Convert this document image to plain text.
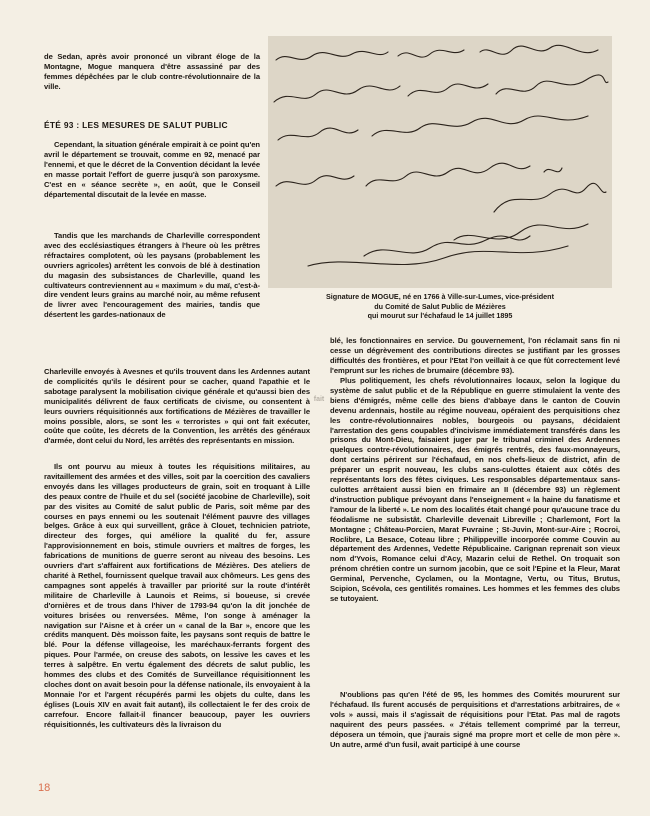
de Sedan, après avoir prononcé un vibrant éloge de la Montagne, Mogue manquera d'être assassiné par des femmes dépêchées par le club contre-révolutionnaire de la ville.

ÉTÉ 93 : LES MESURES DE SALUT PUBLIC

Cependant, la situation générale empirait à ce point qu'en avril le département se trouvait, comme en 92, menacé par l'ennemi, et que le décret de la Convention décidant la levée en masse portait l'effort de guerre jusqu'à son paroxysme. C'est en « séance secrète », en août, que le Conseil départemental discutait de la levée en masse.

Tandis que les marchands de Charleville correspondent avec des ecclésiastiques étrangers à l'heure où les prêtres réfractaires complotent, où les paysans (probablement les ouvriers agricoles) arrêtent les convois de blé à destination du magasin des subsistances de Charleville, quand les cultivateurs contreviennent au « maximum » du maï, c'est-à-dire vendent leurs grains au marché noir, au même refusent de livrer avec l'encouragement des mairies, tandis que désertent les gardes-nationaux de

Signature de MOGUE, né en 1766 à Ville-sur-Lumes, vice-président
du Comité de Salut Public de Mézières
qui mourut sur l'échafaud le 14 juillet 1895

Charleville envoyés à Avesnes et qu'ils trouvent dans les Ardennes autant de complicités qu'ils le désirent pour se cacher, quand l'apathie et le sabotage paralysent la mobilisation civique générale et qu'aussi bien des municipalités délivrent de faux certificats de civisme, ou consentent à leurs ouvriers réquisitionnés aux fortifications de Mézières de travailler le moins possible, alors, se sont les « terroristes » qui ont fait exécuter, coûte que coûte, les décrets de la Convention, les arrêtés des généraux d'armée, dont celui du Nord, les arrêtés des représentants en mission.

fait

Ils ont pourvu au mieux à toutes les réquisitions militaires, au ravitaillement des armées et des villes, soit par la coercition des cavaliers envoyés dans les villages producteurs de grain, soit en troquant à Lille des peaux contre de l'huile et du sel (société jacobine de Charleville), soit par des visites au Comité de salut public de Paris, soit même par des courses en pays ennemi ou les soutenait l'élément pauvre des villages belges. Grâce à eux qui surveillent, grâce à Clouet, technicien patriote, directeur des forges, qui améliore la qualité du fer, assure l'approvisionnement en bois, stimule ouvriers et maîtres de forges, les fabrications de munitions de guerre seront au niveau des besoins. Les ouvriers d'art s'affairent aux fortifications de Mézières. Des ateliers de charité à Rethel, fournissent quelque travail aux chômeurs. Les gens des campagnes sont appelés à travailler par priorité sur la route d'intérêt militaire de Charleville à Launois et Reims, si boueuse, si crevée d'ornières et de trous dans l'hiver de 1793-94 qu'on la dit jonchée de voitures brisées ou renversées. Même, l'on songe à aménager la navigation sur l'Aisne et à créer un « canal de la Bar », encore que les crédits manquent. Dès moisson faite, les paysans sont requis de battre le blé. Pour la défense villageoise, les maréchaux-ferrants forgent des piques. Pour l'armée, on creuse des sabots, on lessive les caves et les terres à salpêtre. En vertu également des décrets de salut public, les hommes des clubs et des Comités de Surveillance réquisitionnent les cloches dont on avait besoin pour la défense nationale, ils envoyaient à la Monnaie l'or et l'argent récupérés parmi les objets du culte, dans les églises (Louis XIV en avait fait autant), ils collectaient le fer des croix de carrefour. Encore fallait-il financer beaucoup, payer les ouvriers réquisitionnés, les cultivateurs dès la livraison du

blé, les fonctionnaires en service. Du gouvernement, l'on réclamait sans fin ni cesse un dégrèvement des contributions directes se justifiant par les grosses difficultés des frontières, et pour l'Etat l'on veillait à ce que fût correctement levé l'emprunt sur les riches de brumaire (décembre 93).

Plus politiquement, les chefs révolutionnaires locaux, selon la logique du système de salut public et de la République en guerre stimulaient la vente des biens d'émigrés, même celle des biens d'abbaye dans le canton de Couvin devenu ardennais, hostile au régime nouveau, opéraient des perquisitions chez les contre-révolutionnaires nobles, bourgeois ou paysans, décidaient l'arrestation des gens coupables d'incivisme immédiatement transférés dans les prisons du Mont-Dieu, faisaient juger par le tribunal criminel des Ardennes quelques contre-révolutionnaires, des émigrés rentrés, des faux-monnayeurs, dont certains périrent sur l'échafaud, en nos chefs-lieux de district, afin de préparer un esprit nouveau, les clubs sans-culottes étaient aux côtés des représentants lors des fêtes civiques. Les responsables départementaux sans-culottes arrêtaient aussi bien en frimaire an II (décembre 93) un règlement d'instruction publique prévoyant dans l'enseignement « la haine du fanatisme et l'amour de la liberté ». Le nom des localités était changé pour qu'aucune trace du féodalisme ne subsistât. Charleville devenait Libreville ; Charlemont, Fort la Montagne ; Château-Porcien, Marat Fuvraine ; St-Juvin, Mont-sur-Aire ; Rocroi, Roclibre, La Besace, Coteau libre ; Philippeville incorporée comme Couvin au département des Ardennes, Vedette Républicaine. Carignan reprenait son vieux nom d'Yvois, Romance celui d'Acy, Mazarin celui de Rethel. On troquait son prénom chrétien contre un surnom jacobin, que ce soit l'Epine et la Fleur, Marat Germinal, Pervenche, Cyclamen, ou la Montagne, Vertu, ou Titus, Brutus, Scipion, Scévola, ces gentilités romaines. Les hommes et les femmes des clubs se tutoyaient.

N'oublions pas qu'en l'été de 95, les hommes des Comités moururent sur l'échafaud. Ils furent accusés de perquisitions et d'arrestations arbitraires, de « vols » aussi, mais il s'agissait de réquisitions pour l'Etat. Pas mal de ragots naquirent des peurs passées. « J'étais tellement comprimé par la terreur, déposera un témoin, que j'aurais signé ma propre mort et celle de mon père ». Un autre, armé d'un fusil, avait participé à une course

18
